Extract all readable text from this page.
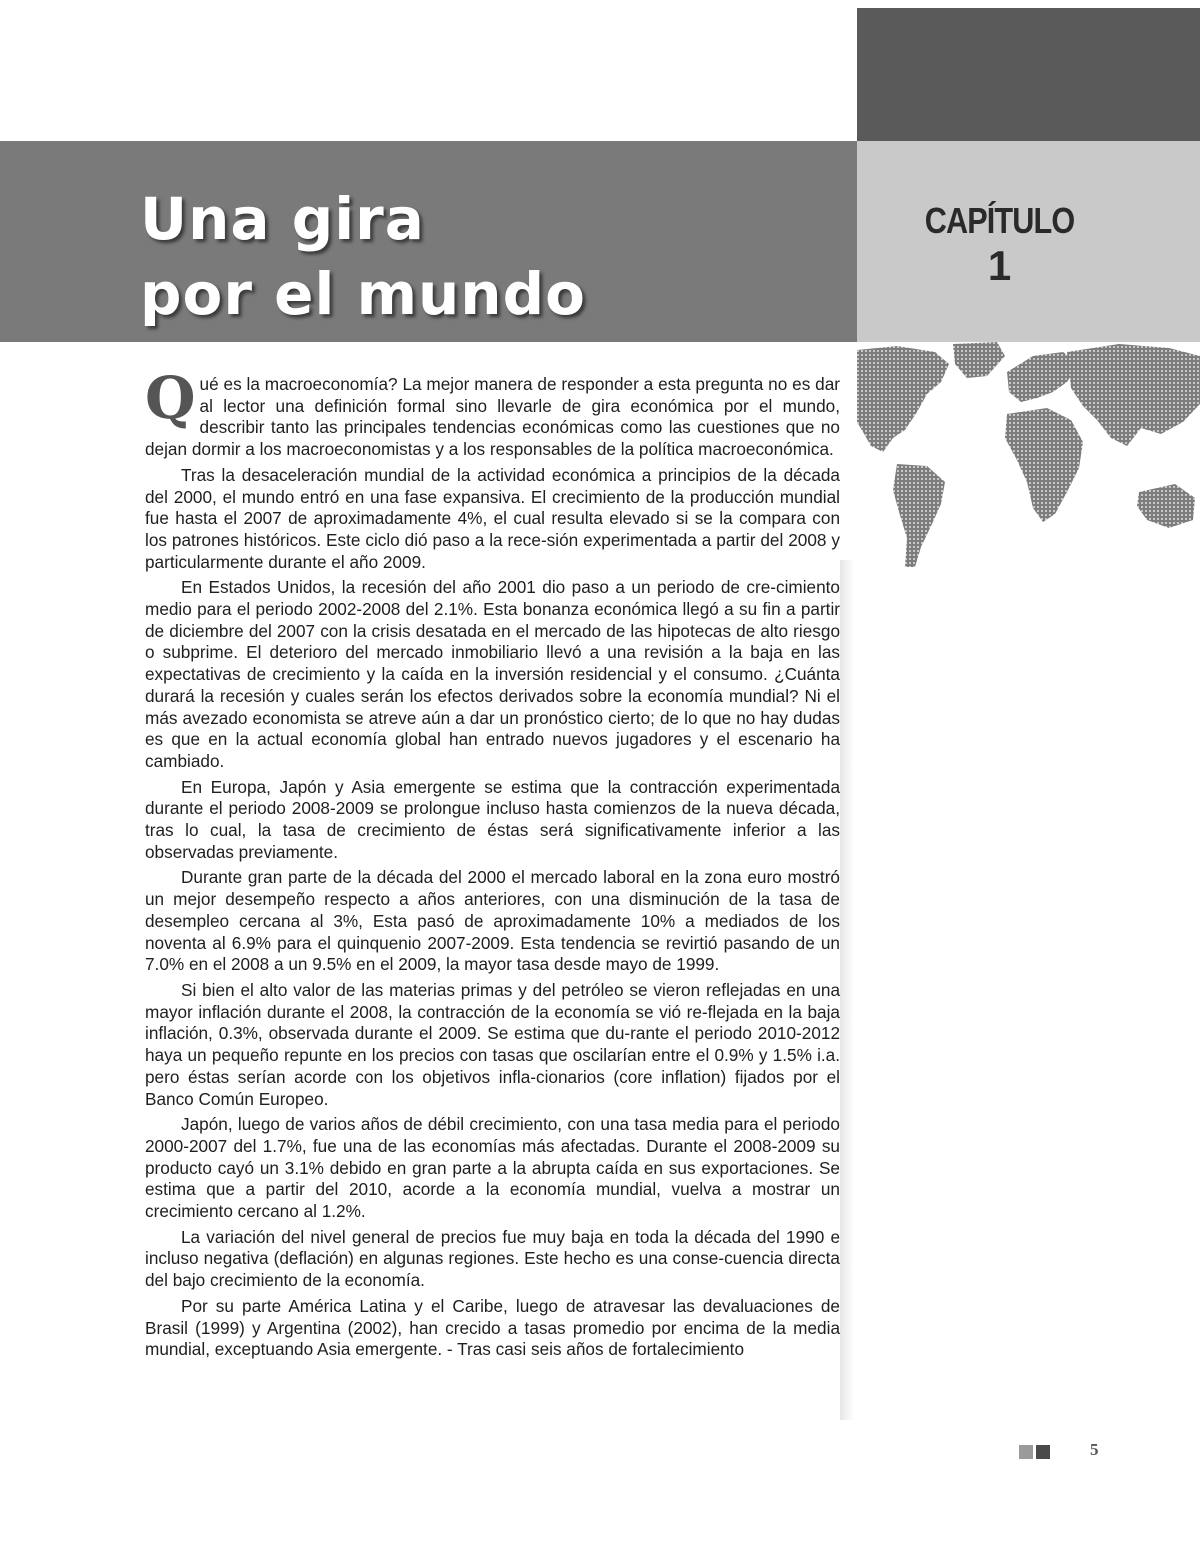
Una gira
por el mundo
CAPÍTULO
1

Qué es la macroeconomía? La mejor manera de responder a esta pregunta no es dar al lector una definición formal sino llevarle de gira económica por el mundo, describir tanto las principales tendencias económicas como las cuestiones que no dejan dormir a los macroeconomistas y a los responsables de la política macroeconómica.

Tras la desaceleración mundial de la actividad económica a principios de la década del 2000, el mundo entró en una fase expansiva. El crecimiento de la producción mundial fue hasta el 2007 de aproximadamente 4%, el cual resulta elevado si se la compara con los patrones históricos. Este ciclo dió paso a la rece-sión experimentada a partir del 2008 y particularmente durante el año 2009.

En Estados Unidos, la recesión del año 2001 dio paso a un periodo de cre-cimiento medio para el periodo 2002-2008 del 2.1%. Esta bonanza económica llegó a su fin a partir de diciembre del 2007 con la crisis desatada en el mercado de las hipotecas de alto riesgo o subprime. El deterioro del mercado inmobiliario llevó a una revisión a la baja en las expectativas de crecimiento y la caída en la inversión residencial y el consumo. ¿Cuánta durará la recesión y cuales serán los efectos derivados sobre la economía mundial? Ni el más avezado economista se atreve aún a dar un pronóstico cierto; de lo que no hay dudas es que en la actual economía global han entrado nuevos jugadores y el escenario ha cambiado.

En Europa, Japón y Asia emergente se estima que la contracción experimentada durante el periodo 2008-2009 se prolongue incluso hasta comienzos de la nueva década, tras lo cual, la tasa de crecimiento de éstas será significativamente inferior a las observadas previamente.

Durante gran parte de la década del 2000 el mercado laboral en la zona euro mostró un mejor desempeño respecto a años anteriores, con una disminución de la tasa de desempleo cercana al 3%, Esta pasó de aproximadamente 10% a mediados de los noventa al 6.9% para el quinquenio 2007-2009. Esta tendencia se revirtió pasando de un 7.0% en el 2008 a un 9.5% en el 2009, la mayor tasa desde mayo de 1999.

Si bien el alto valor de las materias primas y del petróleo se vieron reflejadas en una mayor inflación durante el 2008, la contracción de la economía se vió re-flejada en la baja inflación, 0.3%, observada durante el 2009. Se estima que du-rante el periodo 2010-2012 haya un pequeño repunte en los precios con tasas que oscilarían entre el 0.9% y 1.5% i.a. pero éstas serían acorde con los objetivos infla-cionarios (core inflation) fijados por el Banco Común Europeo.

Japón, luego de varios años de débil crecimiento, con una tasa media para el periodo 2000-2007 del 1.7%, fue una de las economías más afectadas. Durante el 2008-2009 su producto cayó un 3.1% debido en gran parte a la abrupta caída en sus exportaciones. Se estima que a partir del 2010, acorde a la economía mundial, vuelva a mostrar un crecimiento cercano al 1.2%.

La variación del nivel general de precios fue muy baja en toda la década del 1990 e incluso negativa (deflación) en algunas regiones. Este hecho es una conse-cuencia directa del bajo crecimiento de la economía.

Por su parte América Latina y el Caribe, luego de atravesar las devaluaciones de Brasil (1999) y Argentina (2002), han crecido a tasas promedio por encima de la media mundial, exceptuando Asia emergente. - Tras casi seis años de fortalecimiento

5
